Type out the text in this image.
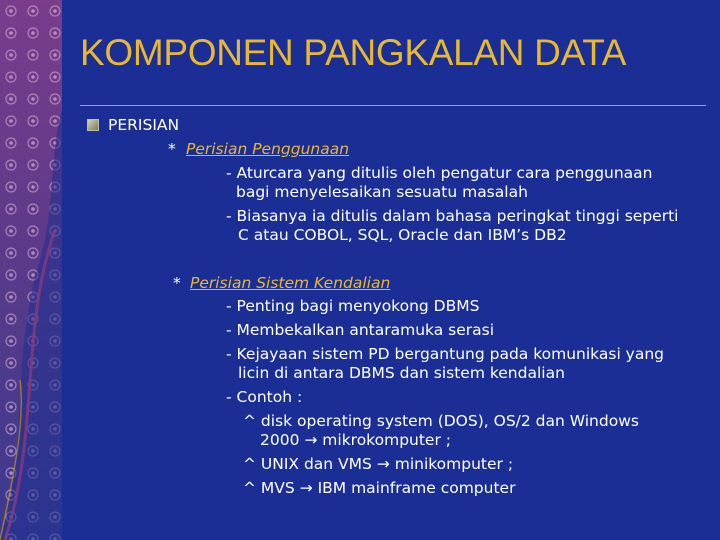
KOMPONEN PANGKALAN DATA
PERISIAN
* Perisian Penggunaan
- Aturcara yang ditulis oleh pengatur cara penggunaan
bagi menyelesaikan sesuatu masalah
- Biasanya ia ditulis dalam bahasa peringkat tinggi seperti
C atau COBOL, SQL, Oracle dan IBM’s DB2
* Perisian Sistem Kendalian
- Penting bagi menyokong DBMS
- Membekalkan antaramuka serasi
- Kejayaan sistem PD bergantung pada komunikasi yang
licin di antara DBMS dan sistem kendalian
- Contoh :
^ disk operating system (DOS), OS/2 dan Windows
2000 → mikrokomputer ;
^ UNIX dan VMS → minikomputer ;
^ MVS → IBM mainframe computer
